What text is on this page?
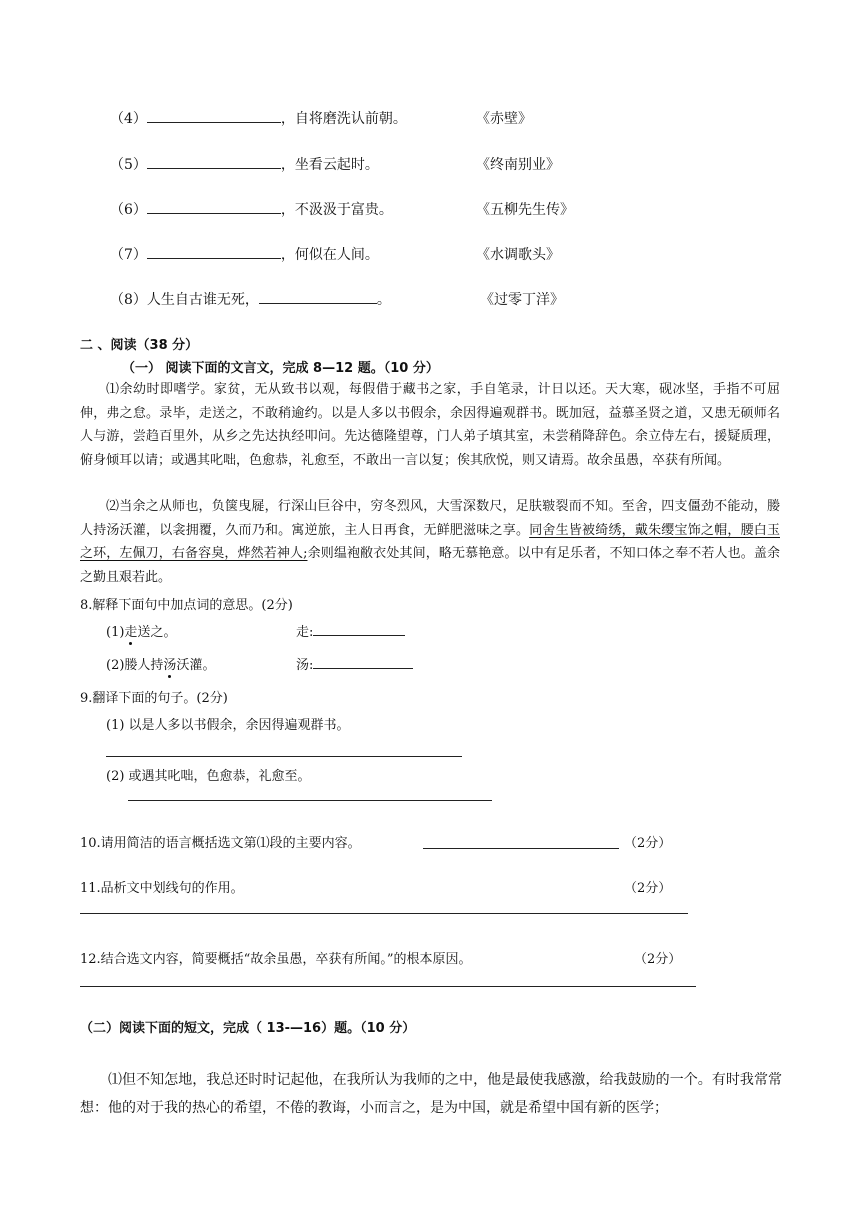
（4）	，自将磨洗认前朝。	《赤壁》
（5）	，坐看云起时。	《终南别业》
（6）	，不汲汲于富贵。	《五柳先生传》
（7）	，何似在人间。	《水调歌头》
（8）人生自古谁无死，	。	《过零丁洋》
二 、阅读（38 分）
（一） 阅读下面的文言文，完成 8—12 题。（10 分）
⑴余幼时即嗜学。家贫，无从致书以观，每假借于藏书之家，手自笔录，计日以还。天大寒，砚冰坚，手指不可屈伸，弗之怠。录毕，走送之，不敢稍逾约。以是人多以书假余，余因得遍观群书。既加冠，益慕圣贤之道，又患无硕师名人与游，尝趋百里外，从乡之先达执经叩问。先达德隆望尊，门人弟子填其室，未尝稍降辞色。余立侍左右，援疑质理，俯身倾耳以请；或遇其叱咄，色愈恭，礼愈至，不敢出一言以复；俟其欣悦，则又请焉。故余虽愚，卒获有所闻。
⑵当余之从师也，负箧曳屣，行深山巨谷中，穷冬烈风，大雪深数尺，足肤皲裂而不知。至舍，四支僵劲不能动，媵人持汤沃灌，以衾拥覆，久而乃和。寓逆旅，主人日再食，无鲜肥滋味之享。同舍生皆被绮绣，戴朱缨宝饰之帽，腰白玉之环，左佩刀，右备容臭，烨然若神人;余则缊袍敝衣处其间，略无慕艳意。以中有足乐者，不知口体之奉不若人也。盖余之勤且艰若此。
8.解释下面句中加点词的意思。(2分)
(1)走送之。	走:
(2)媵人持汤沃灌。	汤:
9.翻译下面的句子。(2分)
(1) 以是人多以书假余，余因得遍观群书。
(2) 或遇其叱咄，色愈恭，礼愈至。
10.请用简洁的语言概括选文第⑴段的主要内容。	（2分）
11.品析文中划线句的作用。	（2分）
12.结合选文内容，简要概括“故余虽愚，卒获有所闻。”的根本原因。	（2分）
（二）阅读下面的短文，完成（ 13-—16）题。（10 分）
⑴但不知怎地，我总还时时记起他，在我所认为我师的之中，他是最使我感激，给我鼓励的一个。有时我常常想：他的对于我的热心的希望，不倦的教诲，小而言之，是为中国，就是希望中国有新的医学；
